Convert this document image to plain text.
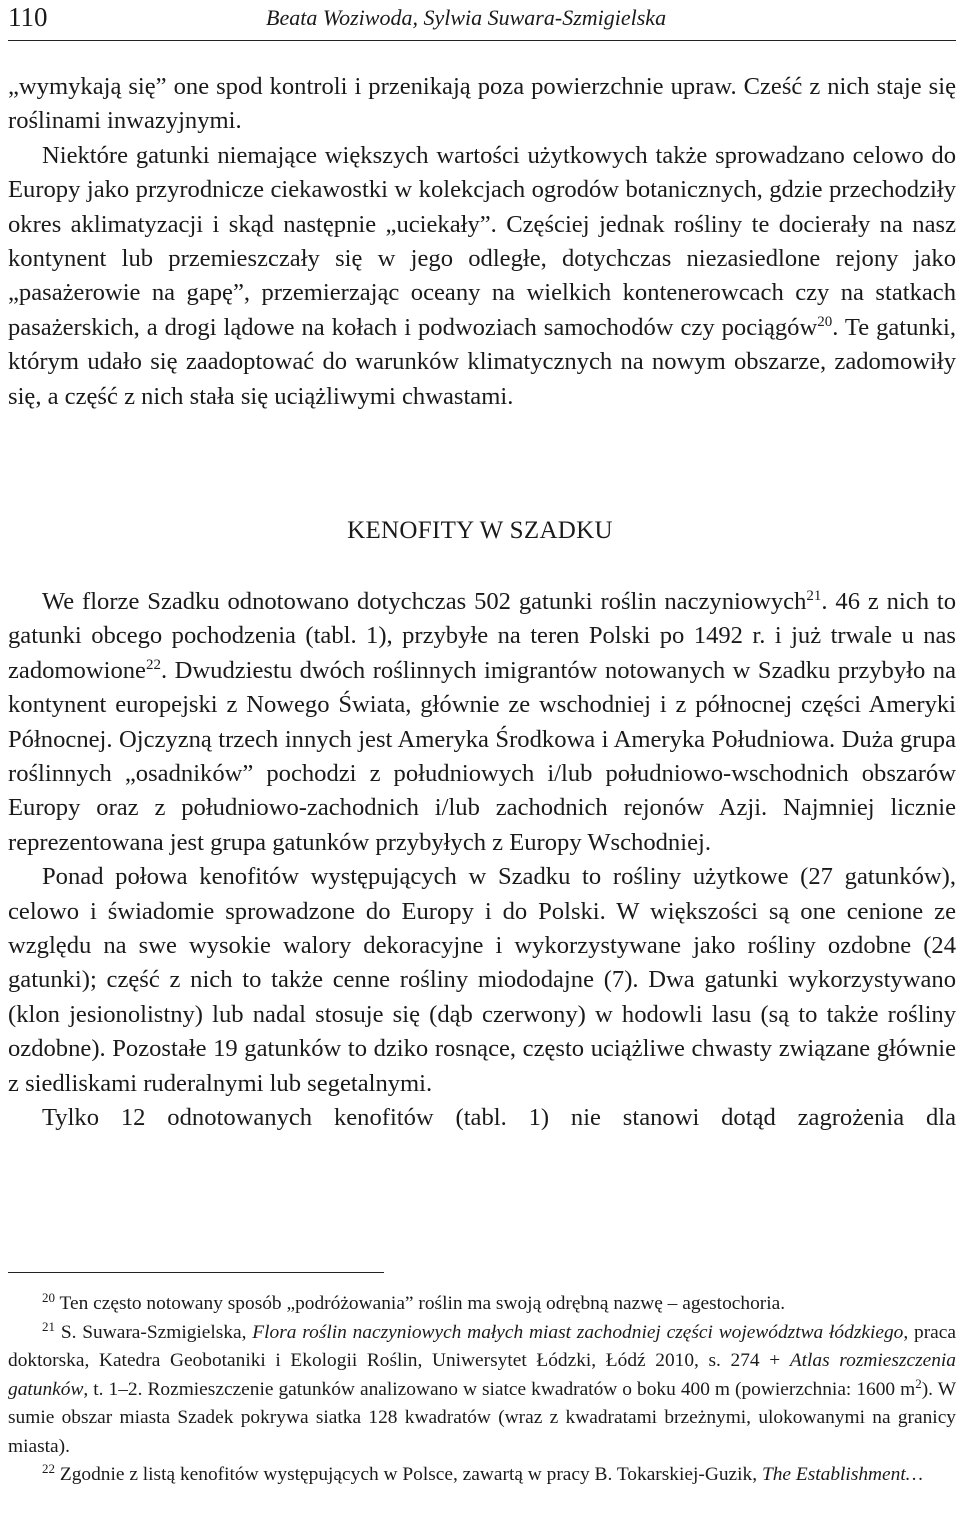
110	Beata Woziwoda, Sylwia Suwara-Szmigielska

„wymykają się” one spod kontroli i przenikają poza powierzchnie upraw. Cześć z nich staje się roślinami inwazyjnymi.

Niektóre gatunki niemające większych wartości użytkowych także sprowadzano celowo do Europy jako przyrodnicze ciekawostki w kolekcjach ogrodów botanicznych, gdzie przechodziły okres aklimatyzacji i skąd następnie „uciekały”. Częściej jednak rośliny te docierały na nasz kontynent lub przemieszczały się w jego odległe, dotychczas niezasiedlone rejony jako „pasażerowie na gapę”, przemierzając oceany na wielkich kontenerowcach czy na statkach pasażerskich, a drogi lądowe na kołach i podwoziach samochodów czy pociągów$^{20}$. Te gatunki, którym udało się zaadoptować do warunków klimatycznych na nowym obszarze, zadomowiły się, a część z nich stała się uciążliwymi chwastami.

KENOFITY W SZADKU

We florze Szadku odnotowano dotychczas 502 gatunki roślin naczyniowych$^{21}$. 46 z nich to gatunki obcego pochodzenia (tabl. 1), przybyłe na teren Polski po 1492 r. i już trwale u nas zadomowione$^{22}$. Dwudziestu dwóch roślinnych imigrantów notowanych w Szadku przybyło na kontynent europejski z Nowego Świata, głównie ze wschodniej i z północnej części Ameryki Północnej. Ojczyzną trzech innych jest Ameryka Środkowa i Ameryka Południowa. Duża grupa roślinnych „osadników” pochodzi z południowych i/lub południowo-wschodnich obszarów Europy oraz z południowo-zachodnich i/lub zachodnich rejonów Azji. Najmniej licznie reprezentowana jest grupa gatunków przybyłych z Europy Wschodniej.

Ponad połowa kenofitów występujących w Szadku to rośliny użytkowe (27 gatunków), celowo i świadomie sprowadzone do Europy i do Polski. W większości są one cenione ze względu na swe wysokie walory dekoracyjne i wykorzystywane jako rośliny ozdobne (24 gatunki); część z nich to także cenne rośliny miododajne (7). Dwa gatunki wykorzystywano (klon jesionolistny) lub nadal stosuje się (dąb czerwony) w hodowli lasu (są to także rośliny ozdobne). Pozostałe 19 gatunków to dziko rosnące, często uciążliwe chwasty związane głównie z siedliskami ruderalnymi lub segetalnymi.

Tylko 12 odnotowanych kenofitów (tabl. 1) nie stanowi dotąd zagrożenia dla

$^{20}$ Ten często notowany sposób „podróżowania” roślin ma swoją odrębną nazwę – agestochoria.

$^{21}$ S. Suwara-Szmigielska, Flora roślin naczyniowych małych miast zachodniej części województwa łódzkiego, praca doktorska, Katedra Geobotaniki i Ekologii Roślin, Uniwersytet Łódzki, Łódź 2010, s. 274 + Atlas rozmieszczenia gatunków, t. 1–2. Rozmieszczenie gatunków analizowano w siatce kwadratów o boku 400 m (powierzchnia: 1600 $m^2$). W sumie obszar miasta Szadek pokrywa siatka 128 kwadratów (wraz z kwadratami brzeżnymi, ulokowanymi na granicy miasta).

$^{22}$ Zgodnie z listą kenofitów występujących w Polsce, zawartą w pracy B. Tokarskiej-Guzik, The Establishment…
